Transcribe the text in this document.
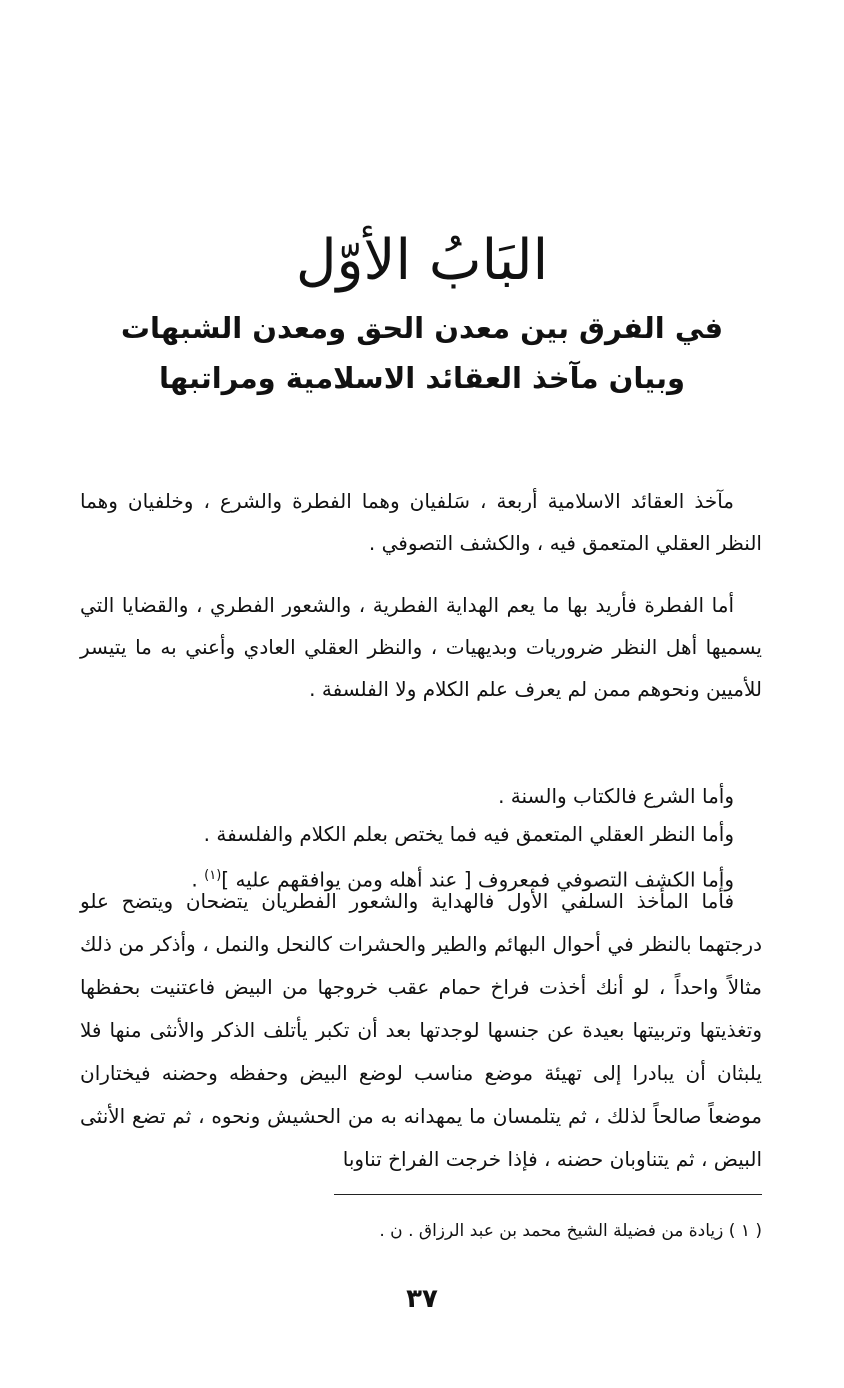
البَابُ الأوّل
في الفرق بين معدن الحق ومعدن الشبهات
وبيان مآخذ العقائد الاسلامية ومراتبها
مآخذ العقائد الاسلامية أربعة ، سَلفيان وهما الفطرة والشرع ، وخلفيان وهما النظر العقلي المتعمق فيه ، والكشف التصوفي .
أما الفطرة فأريد بها ما يعم الهداية الفطرية ، والشعور الفطري ، والقضايا التي يسميها أهل النظر ضروريات وبديهيات ، والنظر العقلي العادي وأعني به ما يتيسر للأميين ونحوهم ممن لم يعرف علم الكلام ولا الفلسفة .
وأما الشرع فالكتاب والسنة .
وأما النظر العقلي المتعمق فيه فما يختص بعلم الكلام والفلسفة .
وأما الكشف التصوفي فمعروف [ عند أهله ومن يوافقهم عليه ]$^{(١)}$ .
فأما المأخذ السلفي الأول فالهداية والشعور الفطريان يتضحان ويتضح علو درجتهما بالنظر في أحوال البهائم والطير والحشرات كالنحل والنمل ، وأذكر من ذلك مثالاً واحداً ، لو أنك أخذت فراخ حمام عقب خروجها من البيض فاعتنيت بحفظها وتغذيتها وتربيتها بعيدة عن جنسها لوجدتها بعد أن تكبر يأتلف الذكر والأنثى منها فلا يلبثان أن يبادرا إلى تهيئة موضع مناسب لوضع البيض وحفظه وحضنه فيختاران موضعاً صالحاً لذلك ، ثم يتلمسان ما يمهدانه به من الحشيش ونحوه ، ثم تضع الأنثى البيض ، ثم يتناوبان حضنه ، فإذا خرجت الفراخ تناوبا
( ١ ) زيادة من فضيلة الشيخ محمد بن عبد الرزاق . ن .
٣٧
